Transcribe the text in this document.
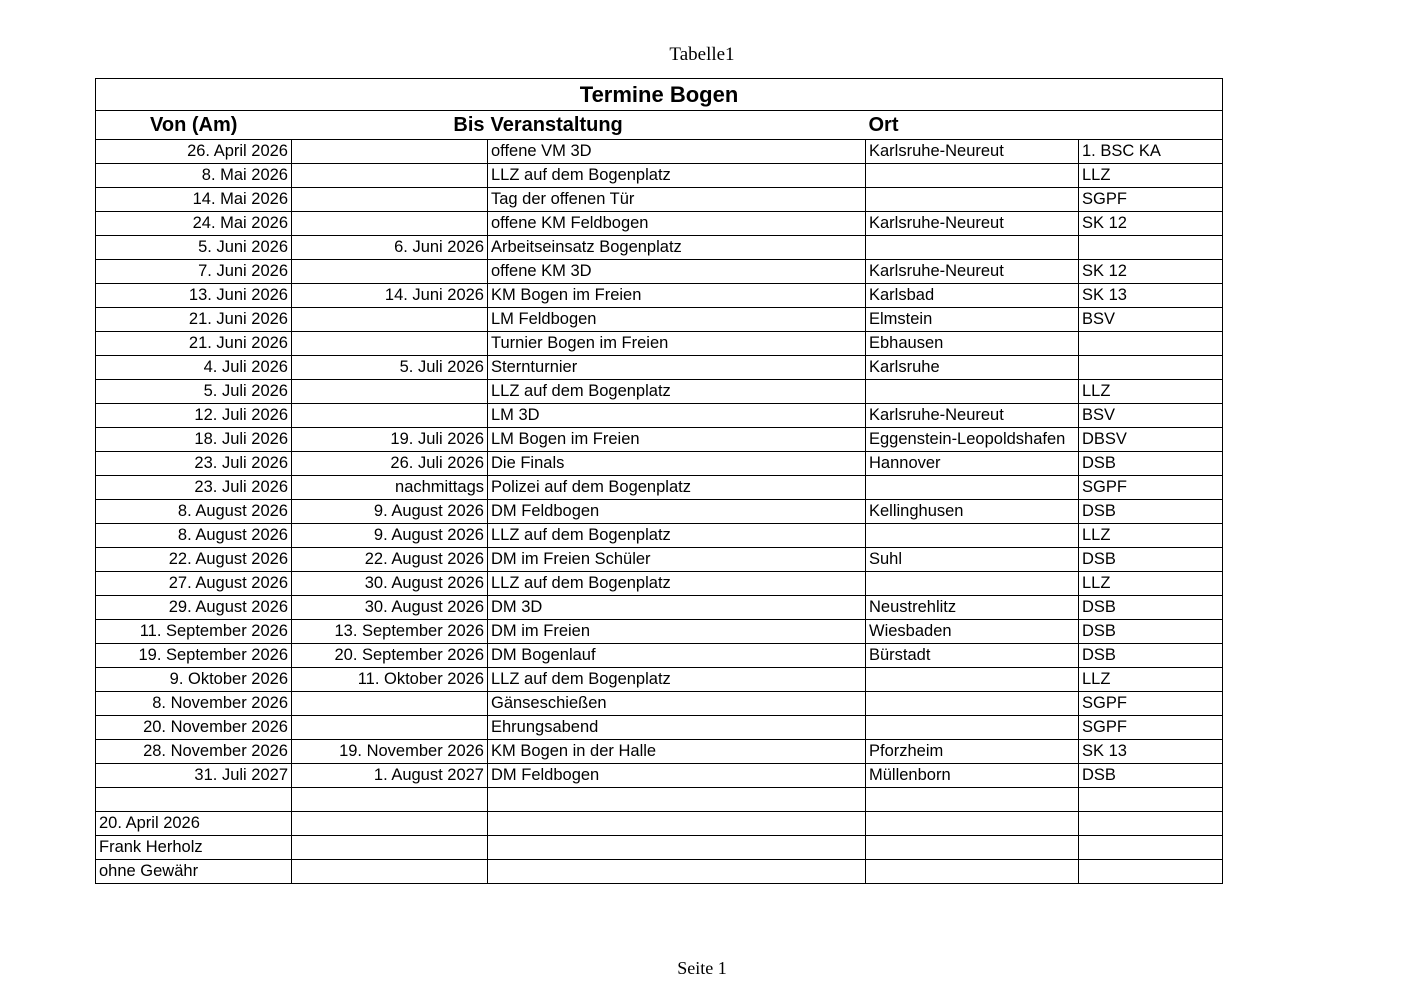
Tabelle1
Termine Bogen				
Von (Am)	Bis	Veranstaltung	Ort	
26. April 2026		offene VM 3D	Karlsruhe-Neureut	1. BSC KA
8. Mai 2026		LLZ auf dem Bogenplatz		LLZ
14. Mai 2026		Tag der offenen Tür		SGPF
24. Mai 2026		offene KM Feldbogen	Karlsruhe-Neureut	SK 12
5. Juni 2026	6. Juni 2026	Arbeitseinsatz Bogenplatz		
7. Juni 2026		offene KM 3D	Karlsruhe-Neureut	SK 12
13. Juni 2026	14. Juni 2026	KM Bogen im Freien	Karlsbad	SK 13
21. Juni 2026		LM Feldbogen	Elmstein	BSV
21. Juni 2026		Turnier Bogen im Freien	Ebhausen	
4. Juli 2026	5. Juli 2026	Sternturnier	Karlsruhe	
5. Juli 2026		LLZ auf dem Bogenplatz		LLZ
12. Juli 2026		LM 3D	Karlsruhe-Neureut	BSV
18. Juli 2026	19. Juli 2026	LM Bogen im Freien	Eggenstein-Leopoldshafen	DBSV
23. Juli 2026	26. Juli 2026	Die Finals	Hannover	DSB
23. Juli 2026	nachmittags	Polizei auf dem Bogenplatz		SGPF
8. August 2026	9. August 2026	DM Feldbogen	Kellinghusen	DSB
8. August 2026	9. August 2026	LLZ auf dem Bogenplatz		LLZ
22. August 2026	22. August 2026	DM im Freien Schüler	Suhl	DSB
27. August 2026	30. August 2026	LLZ auf dem Bogenplatz		LLZ
29. August 2026	30. August 2026	DM 3D	Neustrehlitz	DSB
11. September 2026	13. September 2026	DM im Freien	Wiesbaden	DSB
19. September 2026	20. September 2026	DM Bogenlauf	Bürstadt	DSB
9. Oktober 2026	11. Oktober 2026	LLZ auf dem Bogenplatz		LLZ
8. November 2026		Gänseschießen		SGPF
20. November 2026		Ehrungsabend		SGPF
28. November 2026	19. November 2026	KM Bogen in der Halle	Pforzheim	SK 13
31. Juli 2027	1. August 2027	DM Feldbogen	Müllenborn	DSB

20. April 2026				
Frank Herholz				
ohne Gewähr				
Seite 1
